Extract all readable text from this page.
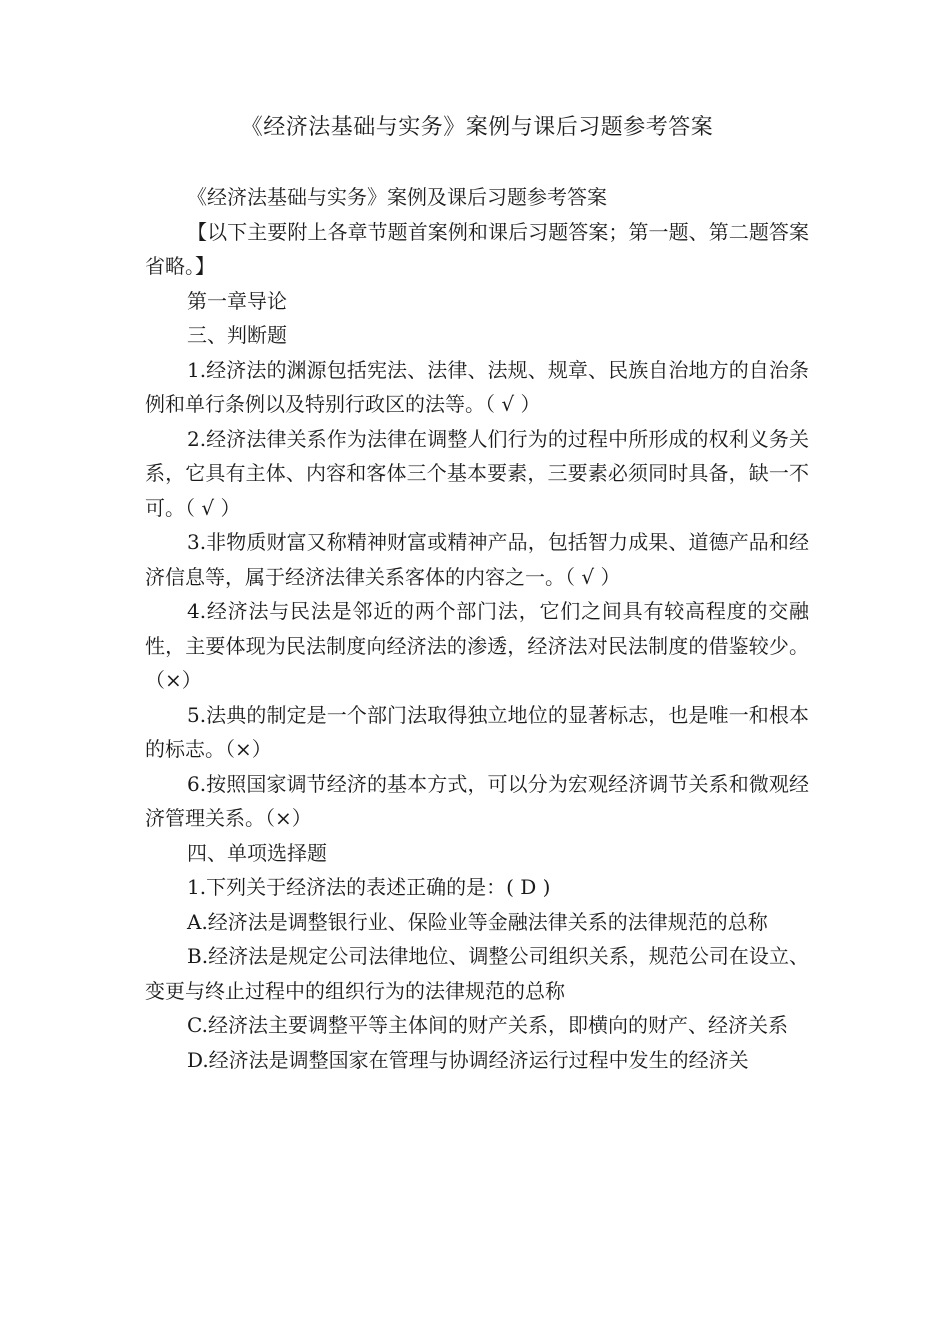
《经济法基础与实务》案例与课后习题参考答案

《经济法基础与实务》案例及课后习题参考答案

【以下主要附上各章节题首案例和课后习题答案；第一题、第二题答案省略。】

第一章导论

三、判断题

1.经济法的渊源包括宪法、法律、法规、规章、民族自治地方的自治条例和单行条例以及特别行政区的法等。（ √ ）

2.经济法律关系作为法律在调整人们行为的过程中所形成的权利义务关系，它具有主体、内容和客体三个基本要素，三要素必须同时具备，缺一不可。（ √ ）

3.非物质财富又称精神财富或精神产品，包括智力成果、道德产品和经济信息等，属于经济法律关系客体的内容之一。（ √ ）

4.经济法与民法是邻近的两个部门法，它们之间具有较高程度的交融性，主要体现为民法制度向经济法的渗透，经济法对民法制度的借鉴较少。（×）

5.法典的制定是一个部门法取得独立地位的显著标志，也是唯一和根本的标志。（×）

6.按照国家调节经济的基本方式，可以分为宏观经济调节关系和微观经济管理关系。（×）

四、单项选择题

1.下列关于经济法的表述正确的是：( D )

A.经济法是调整银行业、保险业等金融法律关系的法律规范的总称

B.经济法是规定公司法律地位、调整公司组织关系，规范公司在设立、变更与终止过程中的组织行为的法律规范的总称

C.经济法主要调整平等主体间的财产关系，即横向的财产、经济关系

D.经济法是调整国家在管理与协调经济运行过程中发生的经济关
